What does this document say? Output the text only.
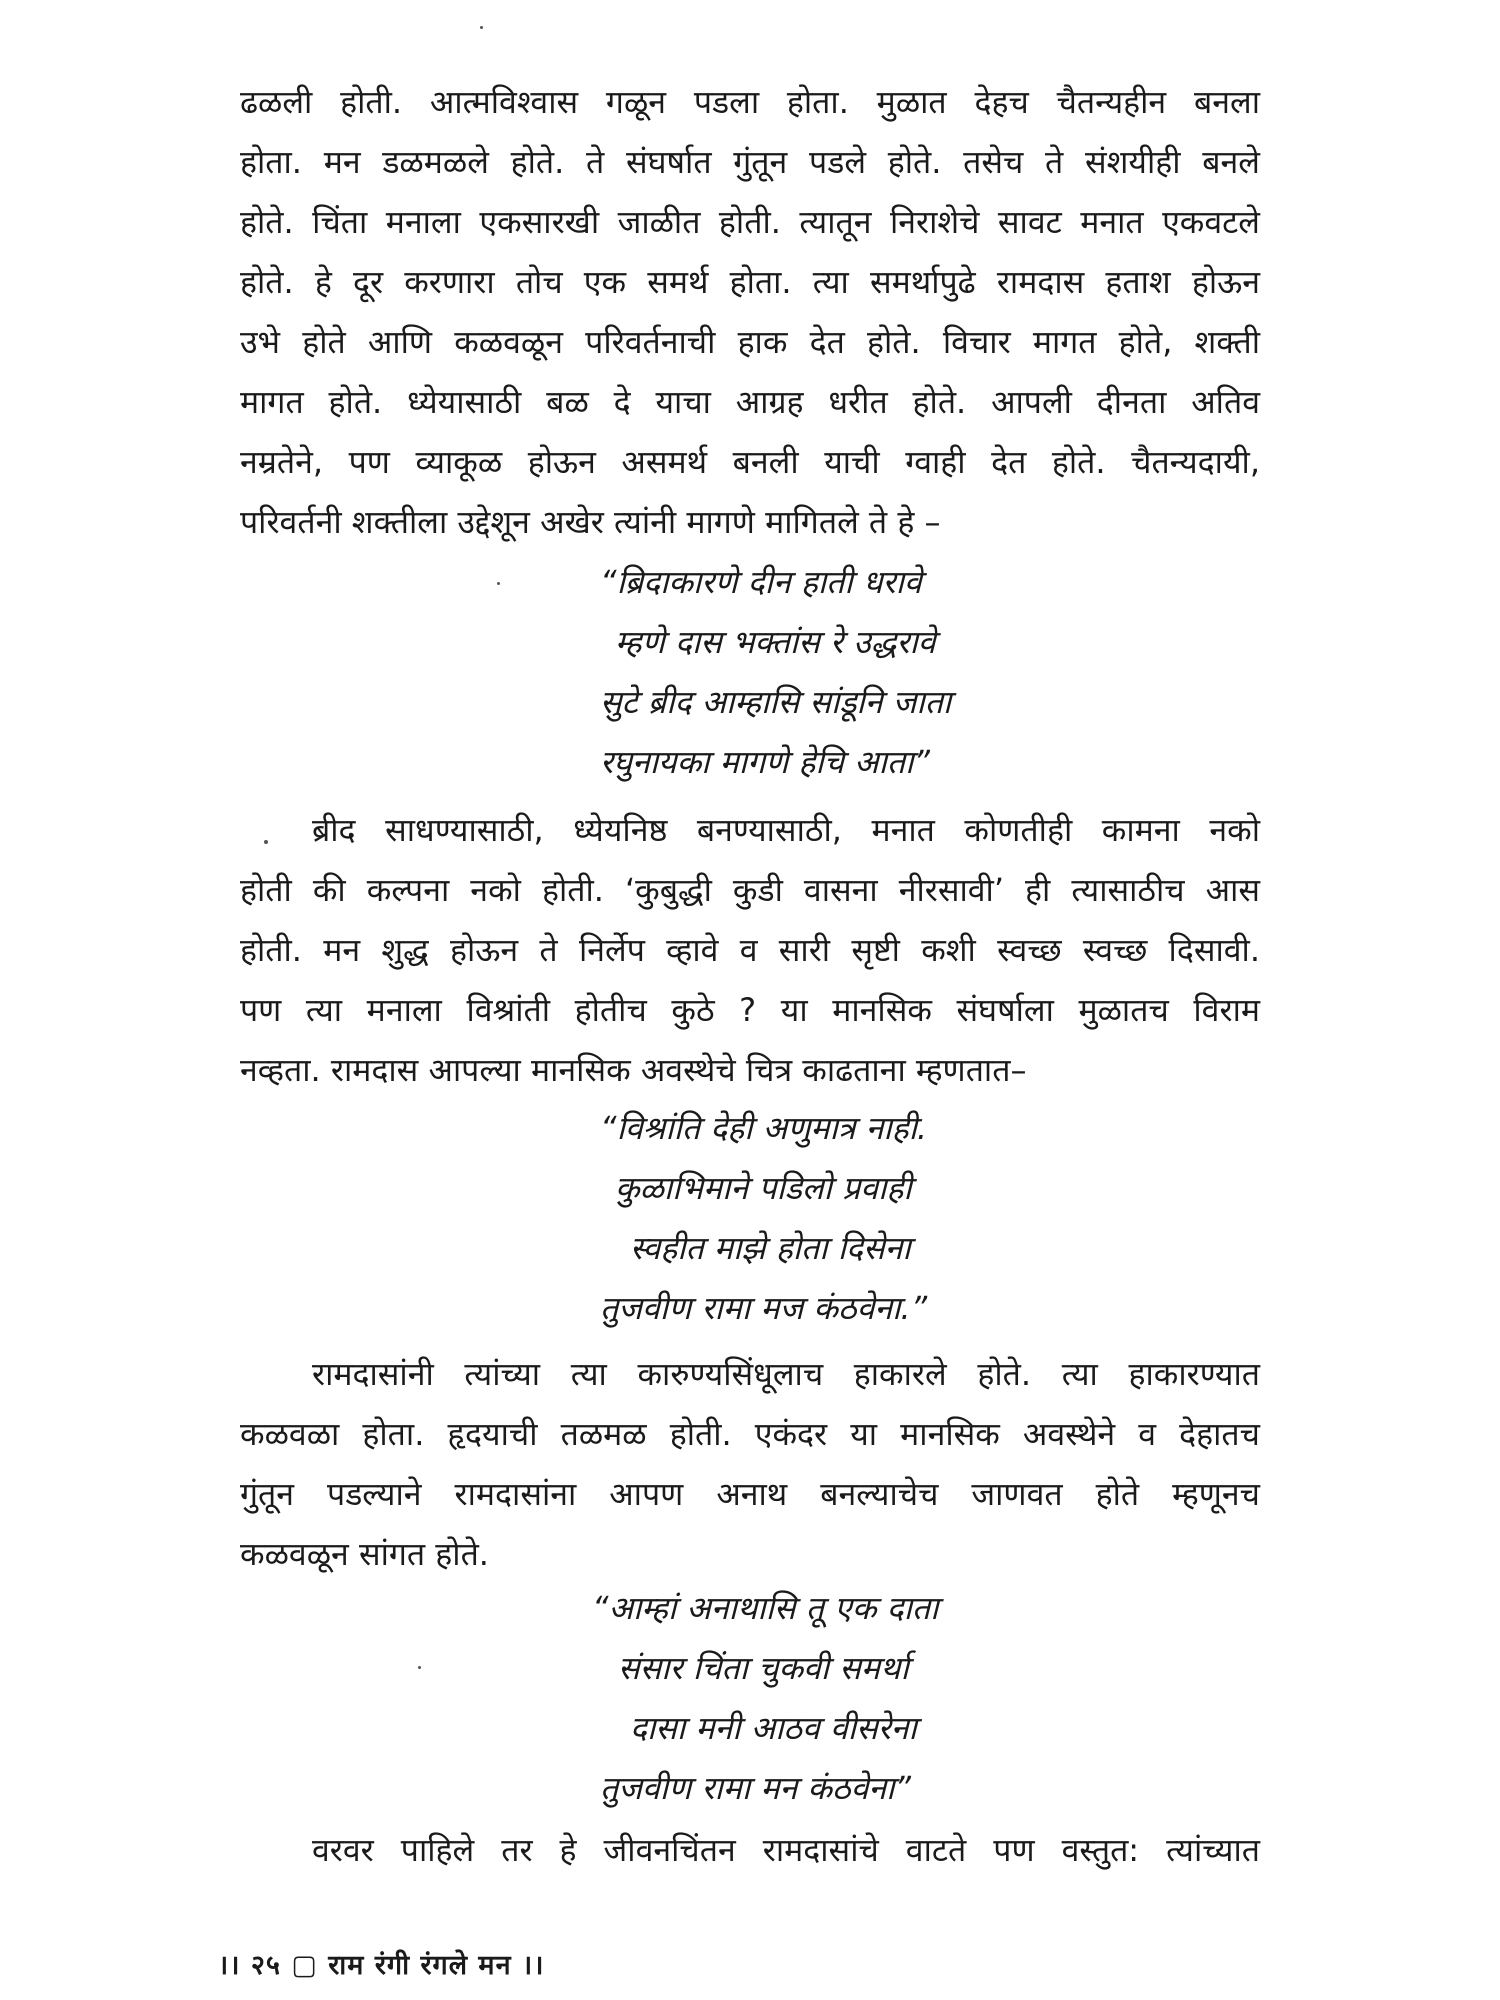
ढळली होती. आत्मविश्वास गळून पडला होता. मुळात देहच चैतन्यहीन बनला
होता. मन डळमळले होते. ते संघर्षात गुंतून पडले होते. तसेच ते संशयीही बनले
होते. चिंता मनाला एकसारखी जाळीत होती. त्यातून निराशेचे सावट मनात एकवटले
होते. हे दूर करणारा तोच एक समर्थ होता. त्या समर्थापुढे रामदास हताश होऊन
उभे होते आणि कळवळून परिवर्तनाची हाक देत होते. विचार मागत होते, शक्ती
मागत होते. ध्येयासाठी बळ दे याचा आग्रह धरीत होते. आपली दीनता अतिव
नम्रतेने, पण व्याकूळ होऊन असमर्थ बनली याची ग्वाही देत होते. चैतन्यदायी,
परिवर्तनी शक्तीला उद्देशून अखेर त्यांनी मागणे मागितले ते हे –
“ब्रिदाकारणे दीन हाती धरावे
म्हणे दास भक्तांस रे उद्धरावे
सुटे ब्रीद आम्हासि सांडूनि जाता
रघुनायका मागणे हेचि आता”
ब्रीद साधण्यासाठी, ध्येयनिष्ठ बनण्यासाठी, मनात कोणतीही कामना नको
होती की कल्पना नको होती. ‘कुबुद्धी कुडी वासना नीरसावी’ ही त्यासाठीच आस
होती. मन शुद्ध होऊन ते निर्लेप व्हावे व सारी सृष्टी कशी स्वच्छ स्वच्छ दिसावी.
पण त्या मनाला विश्रांती होतीच कुठे ? या मानसिक संघर्षाला मुळातच विराम
नव्हता. रामदास आपल्या मानसिक अवस्थेचे चित्र काढताना म्हणतात–
“विश्रांति देही अणुमात्र नाही.
कुळाभिमाने पडिलो प्रवाही
स्वहीत माझे होता दिसेना
तुजवीण रामा मज कंठवेना.”
रामदासांनी त्यांच्या त्या कारुण्यसिंधूलाच हाकारले होते. त्या हाकारण्यात
कळवळा होता. हृदयाची तळमळ होती. एकंदर या मानसिक अवस्थेने व देहातच
गुंतून पडल्याने रामदासांना आपण अनाथ बनल्याचेच जाणवत होते म्हणूनच
कळवळून सांगत होते.
“आम्हां अनाथासि तू एक दाता
संसार चिंता चुकवी समर्था
दासा मनी आठव वीसरेना
तुजवीण रामा मन कंठवेना”
वरवर पाहिले तर हे जीवनचिंतन रामदासांचे वाटते पण वस्तुत: त्यांच्यात
।। २५ ▢ राम रंगी रंगले मन ।।
